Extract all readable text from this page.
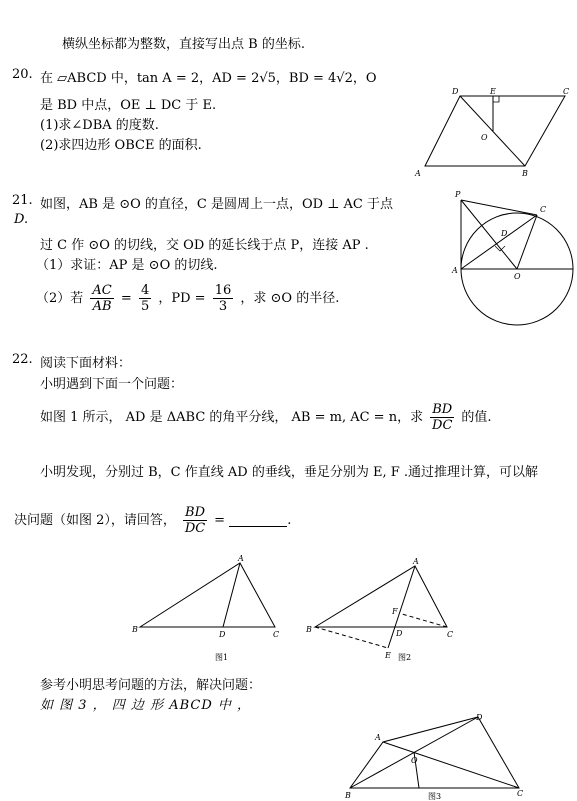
横纵坐标都为整数，直接写出点 B 的坐标.
20. 在 ▱ABCD 中，tan A = 2，AD = 2√5，BD = 4√2，O
是 BD 中点，OE ⊥ DC 于 E.
(1)求∠DBA 的度数.
(2)求四边形 OBCE 的面积.
D	E	C
O
A	B
21. 如图，AB 是 ⊙O 的直径，C 是圆周上一点，OD ⊥ AC 于点
D.
过 C 作 ⊙O 的切线，交 OD 的延长线于点 P，连接 AP .
（1）求证：AP 是 ⊙O 的切线.
（2）若 $\frac{AC}{AB} = \frac{4}{5}$ ，PD = $\frac{16}{3}$ ，求 ⊙O 的半径.
P
C
D
A
O
22. 阅读下面材料：
小明遇到下面一个问题：
如图 1 所示， AD 是 ΔABC 的角平分线， AB = m, AC = n，求 $\frac{BD}{DC}$ 的值.
小明发现，分别过 B，C 作直线 AD 的垂线，垂足分别为 E, F .通过推理计算，可以解
决问题（如图 2），请回答， $\frac{BD}{DC}$ =	.
A
B
D	C
图1
A
B	D	C
F
E 图2
参考小明思考问题的方法，解决问题：
如 图 3 ， 四 边 形 ABCD 中 ，
A
D
O
B	C
图3
